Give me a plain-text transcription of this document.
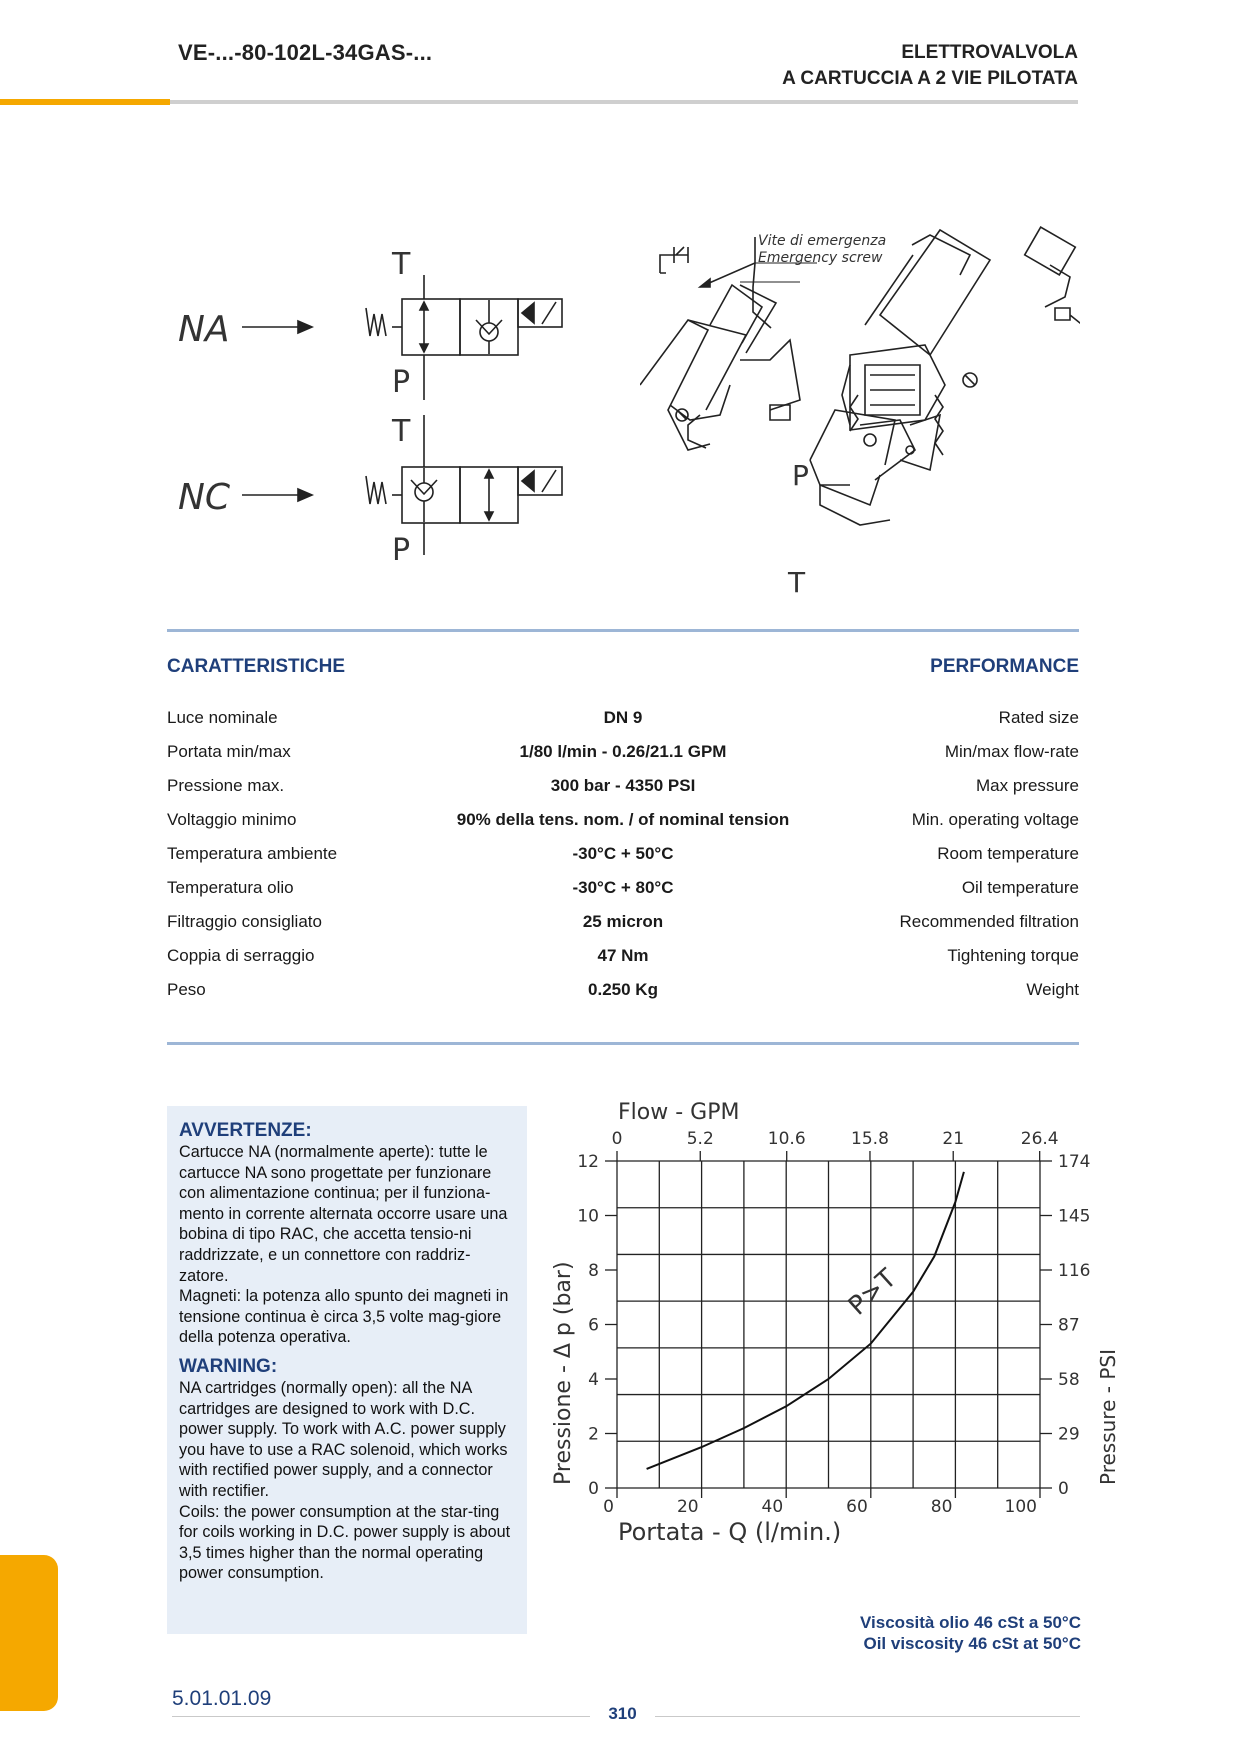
VE-...-80-102L-34GAS-...	ELETTROVALVOLA
A CARTUCCIA A 2 VIE PILOTATA
NA
NC
T
P
T
P
Vite di emergenza
Emergency screw
P
T
CARATTERISTICHE	PERFORMANCE
Luce nominale	DN 9	Rated size
Portata min/max	1/80 l/min - 0.26/21.1 GPM	Min/max flow-rate
Pressione max.	300 bar - 4350 PSI	Max pressure
Voltaggio minimo	90% della tens. nom. / of nominal tension	Min. operating voltage
Temperatura ambiente	-30°C + 50°C	Room temperature
Temperatura olio	-30°C + 80°C	Oil temperature
Filtraggio consigliato	25 micron	Recommended filtration
Coppia di serraggio	47 Nm	Tightening torque
Peso	0.250 Kg	Weight
AVVERTENZE:

Cartucce NA (normalmente aperte): tutte le cartucce NA sono progettate per funzionare con alimentazione continua; per il funziona-mento in corrente alternata occorre usare una bobina di tipo RAC, che accetta tensio-ni raddrizzate, e un connettore con raddriz-zatore.

Magneti: la potenza allo spunto dei magneti in tensione continua è circa 3,5 volte mag-giore della potenza operativa.

WARNING:

NA cartridges (normally open): all the NA cartridges are designed to work with D.C. power supply. To work with A.C. power supply you have to use a RAC solenoid, which works with rectified power supply, and a connector with rectifier.

Coils: the power consumption at the star-ting for coils working in D.C. power supply is about 3,5 times higher than the normal operating power consumption.

0	0
2	29
4	58
6	87
8	116
10	145
12	174
0	20	40	60	80	100
0	5.2	10.6	15.8	21	26.4
P>T
Flow - GPM
Portata - Q (l/min.)
Pressione - Δ p (bar)	Pressure - PSI
Viscosità olio 46 cSt a 50°C
Oil viscosity 46 cSt at 50°C
5.01.01.09
310
